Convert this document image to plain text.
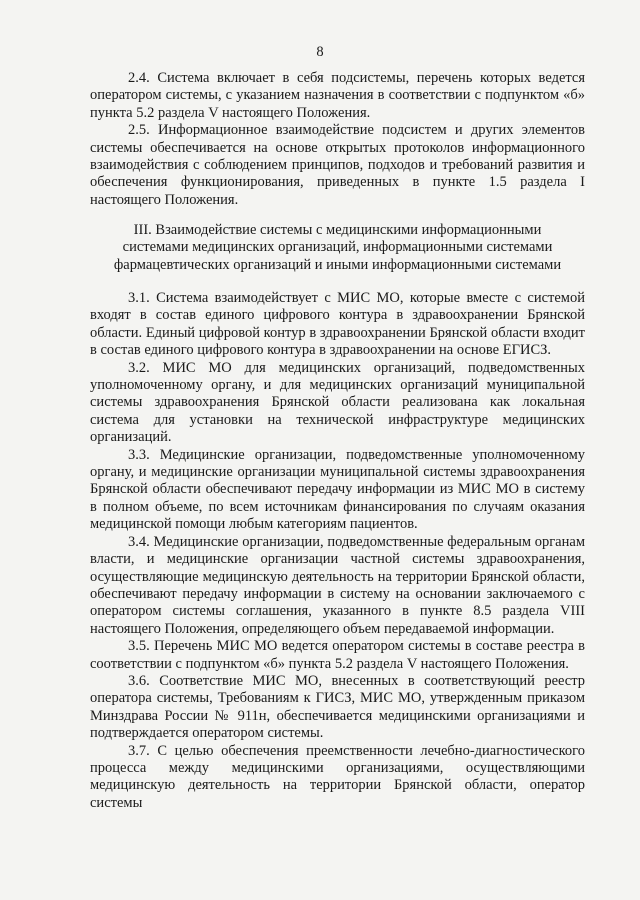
8

2.4. Система включает в себя подсистемы, перечень которых ведется оператором системы, с указанием назначения в соответствии с подпунктом «б» пункта 5.2 раздела V настоящего Положения.

2.5. Информационное взаимодействие подсистем и других элементов системы обеспечивается на основе открытых протоколов информационного взаимодействия с соблюдением принципов, подходов и требований развития и обеспечения функционирования, приведенных в пункте 1.5 раздела I настоящего Положения.

III. Взаимодействие системы с медицинскими информационными
системами медицинских организаций, информационными системами
фармацевтических организаций и иными информационными системами

3.1. Система взаимодействует с МИС МО, которые вместе с системой входят в состав единого цифрового контура в здравоохранении Брянской области. Единый цифровой контур в здравоохранении Брянской области входит в состав единого цифрового контура в здравоохранении на основе ЕГИСЗ.

3.2. МИС МО для медицинских организаций, подведомственных уполномоченному органу, и для медицинских организаций муниципальной системы здравоохранения Брянской области реализована как локальная система для установки на технической инфраструктуре медицинских организаций.

3.3. Медицинские организации, подведомственные уполномоченному органу, и медицинские организации муниципальной системы здравоохранения Брянской области обеспечивают передачу информации из МИС МО в систему в полном объеме, по всем источникам финансирования по случаям оказания медицинской помощи любым категориям пациентов.

3.4. Медицинские организации, подведомственные федеральным органам власти, и медицинские организации частной системы здравоохранения, осуществляющие медицинскую деятельность на территории Брянской области, обеспечивают передачу информации в систему на основании заключаемого с оператором системы соглашения, указанного в пункте 8.5 раздела VIII настоящего Положения, определяющего объем передаваемой информации.

3.5. Перечень МИС МО ведется оператором системы в составе реестра в соответствии с подпунктом «б» пункта 5.2 раздела V настоящего Положения.

3.6. Соответствие МИС МО, внесенных в соответствующий реестр оператора системы, Требованиям к ГИСЗ, МИС МО, утвержденным приказом Минздрава России № 911н, обеспечивается медицинскими организациями и подтверждается оператором системы.

3.7. С целью обеспечения преемственности лечебно-диагностического процесса между медицинскими организациями, осуществляющими медицинскую деятельность на территории Брянской области, оператор системы
